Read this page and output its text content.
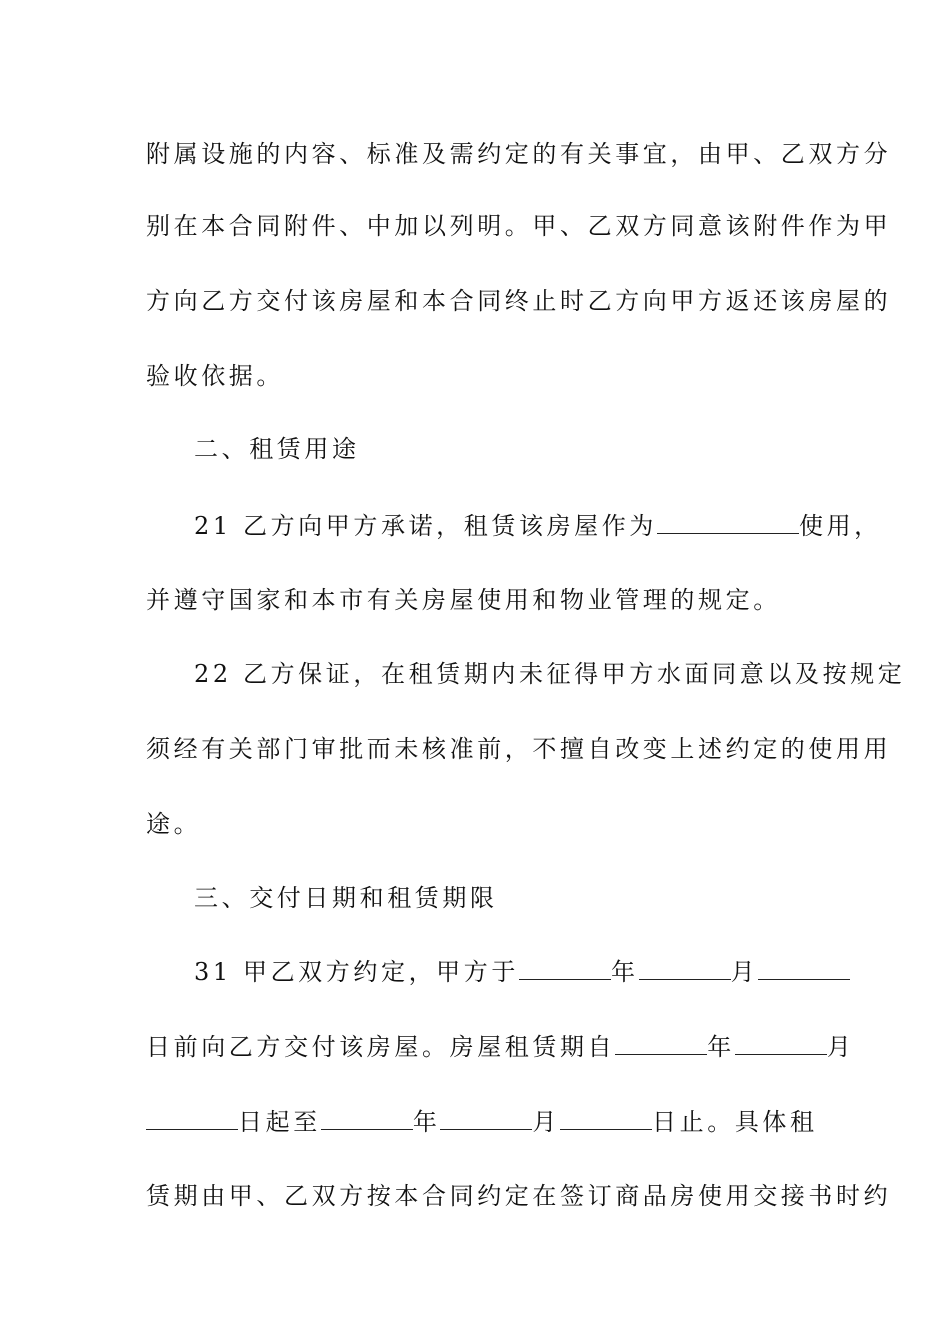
附属设施的内容、标准及需约定的有关事宜，由甲、乙双方分
别在本合同附件、中加以列明。甲、乙双方同意该附件作为甲
方向乙方交付该房屋和本合同终止时乙方向甲方返还该房屋的
验收依据。
二、租赁用途
21 乙方向甲方承诺，租赁该房屋作为	使用，
并遵守国家和本市有关房屋使用和物业管理的规定。
22 乙方保证，在租赁期内未征得甲方水面同意以及按规定
须经有关部门审批而未核准前，不擅自改变上述约定的使用用
途。
三、交付日期和租赁期限
31 甲乙双方约定，甲方于	年	月
日前向乙方交付该房屋。房屋租赁期自	年	月
日起至	年	月	日止。具体租
赁期由甲、乙双方按本合同约定在签订商品房使用交接书时约
